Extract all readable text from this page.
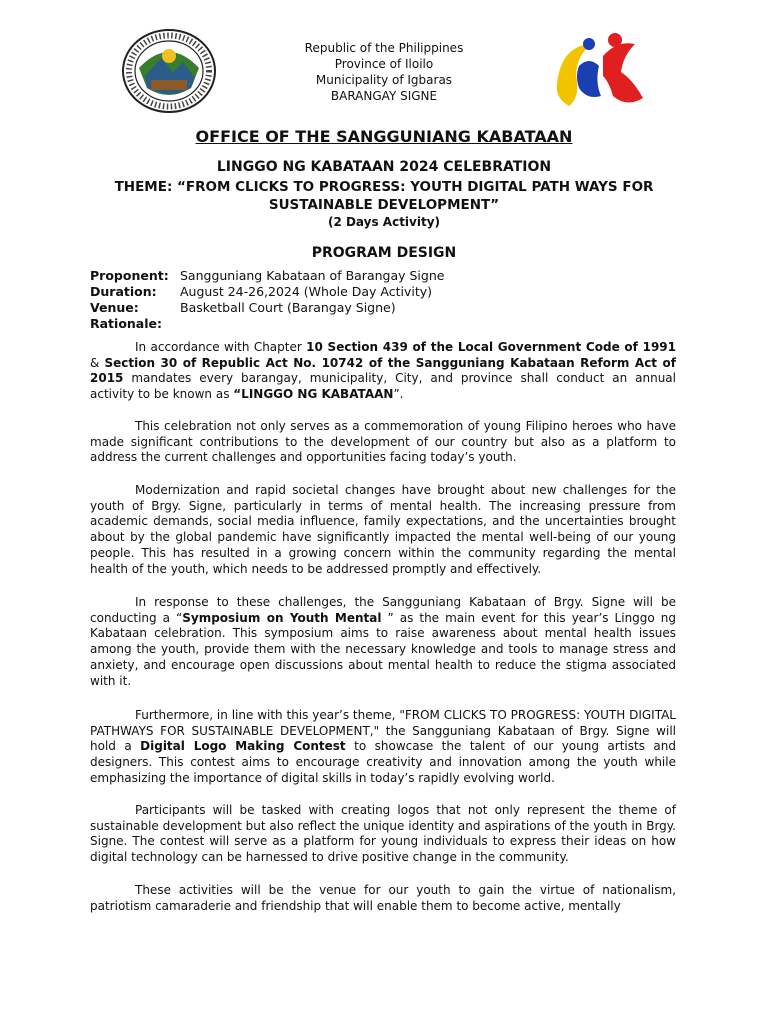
Republic of the Philippines
Province of Iloilo
Municipality of Igbaras
BARANGAY SIGNE
OFFICE OF THE SANGGUNIANG KABATAAN
LINGGO NG KABATAAN 2024 CELEBRATION
THEME: “FROM CLICKS TO PROGRESS: YOUTH DIGITAL PATH WAYS FOR
SUSTAINABLE DEVELOPMENT”
(2 Days Activity)
PROGRAM DESIGN
Proponent: Sangguniang Kabataan of Barangay Signe
Duration: August 24-26,2024 (Whole Day Activity)
Venue:	Basketball Court (Barangay Signe)
Rationale:
In accordance with Chapter 10 Section 439 of the Local Government Code of 1991 & Section 30 of Republic Act No. 10742 of the Sangguniang Kabataan Reform Act of 2015 mandates every barangay, municipality, City, and province shall conduct an annual activity to be known as “LINGGO NG KABATAAN”.
This celebration not only serves as a commemoration of young Filipino heroes who have made significant contributions to the development of our country but also as a platform to address the current challenges and opportunities facing today’s youth.
Modernization and rapid societal changes have brought about new challenges for the youth of Brgy. Signe, particularly in terms of mental health. The increasing pressure from academic demands, social media influence, family expectations, and the uncertainties brought about by the global pandemic have significantly impacted the mental well-being of our young people. This has resulted in a growing concern within the community regarding the mental health of the youth, which needs to be addressed promptly and effectively.
In response to these challenges, the Sangguniang Kabataan of Brgy. Signe will be conducting a “Symposium on Youth Mental ” as the main event for this year’s Linggo ng Kabataan celebration. This symposium aims to raise awareness about mental health issues among the youth, provide them with the necessary knowledge and tools to manage stress and anxiety, and encourage open discussions about mental health to reduce the stigma associated with it.
Furthermore, in line with this year’s theme, "FROM CLICKS TO PROGRESS: YOUTH DIGITAL PATHWAYS FOR SUSTAINABLE DEVELOPMENT," the Sangguniang Kabataan of Brgy. Signe will hold a Digital Logo Making Contest to showcase the talent of our young artists and designers. This contest aims to encourage creativity and innovation among the youth while emphasizing the importance of digital skills in today’s rapidly evolving world.
Participants will be tasked with creating logos that not only represent the theme of sustainable development but also reflect the unique identity and aspirations of the youth in Brgy. Signe. The contest will serve as a platform for young individuals to express their ideas on how digital technology can be harnessed to drive positive change in the community.
These activities will be the venue for our youth to gain the virtue of nationalism, patriotism camaraderie and friendship that will enable them to become active, mentally
